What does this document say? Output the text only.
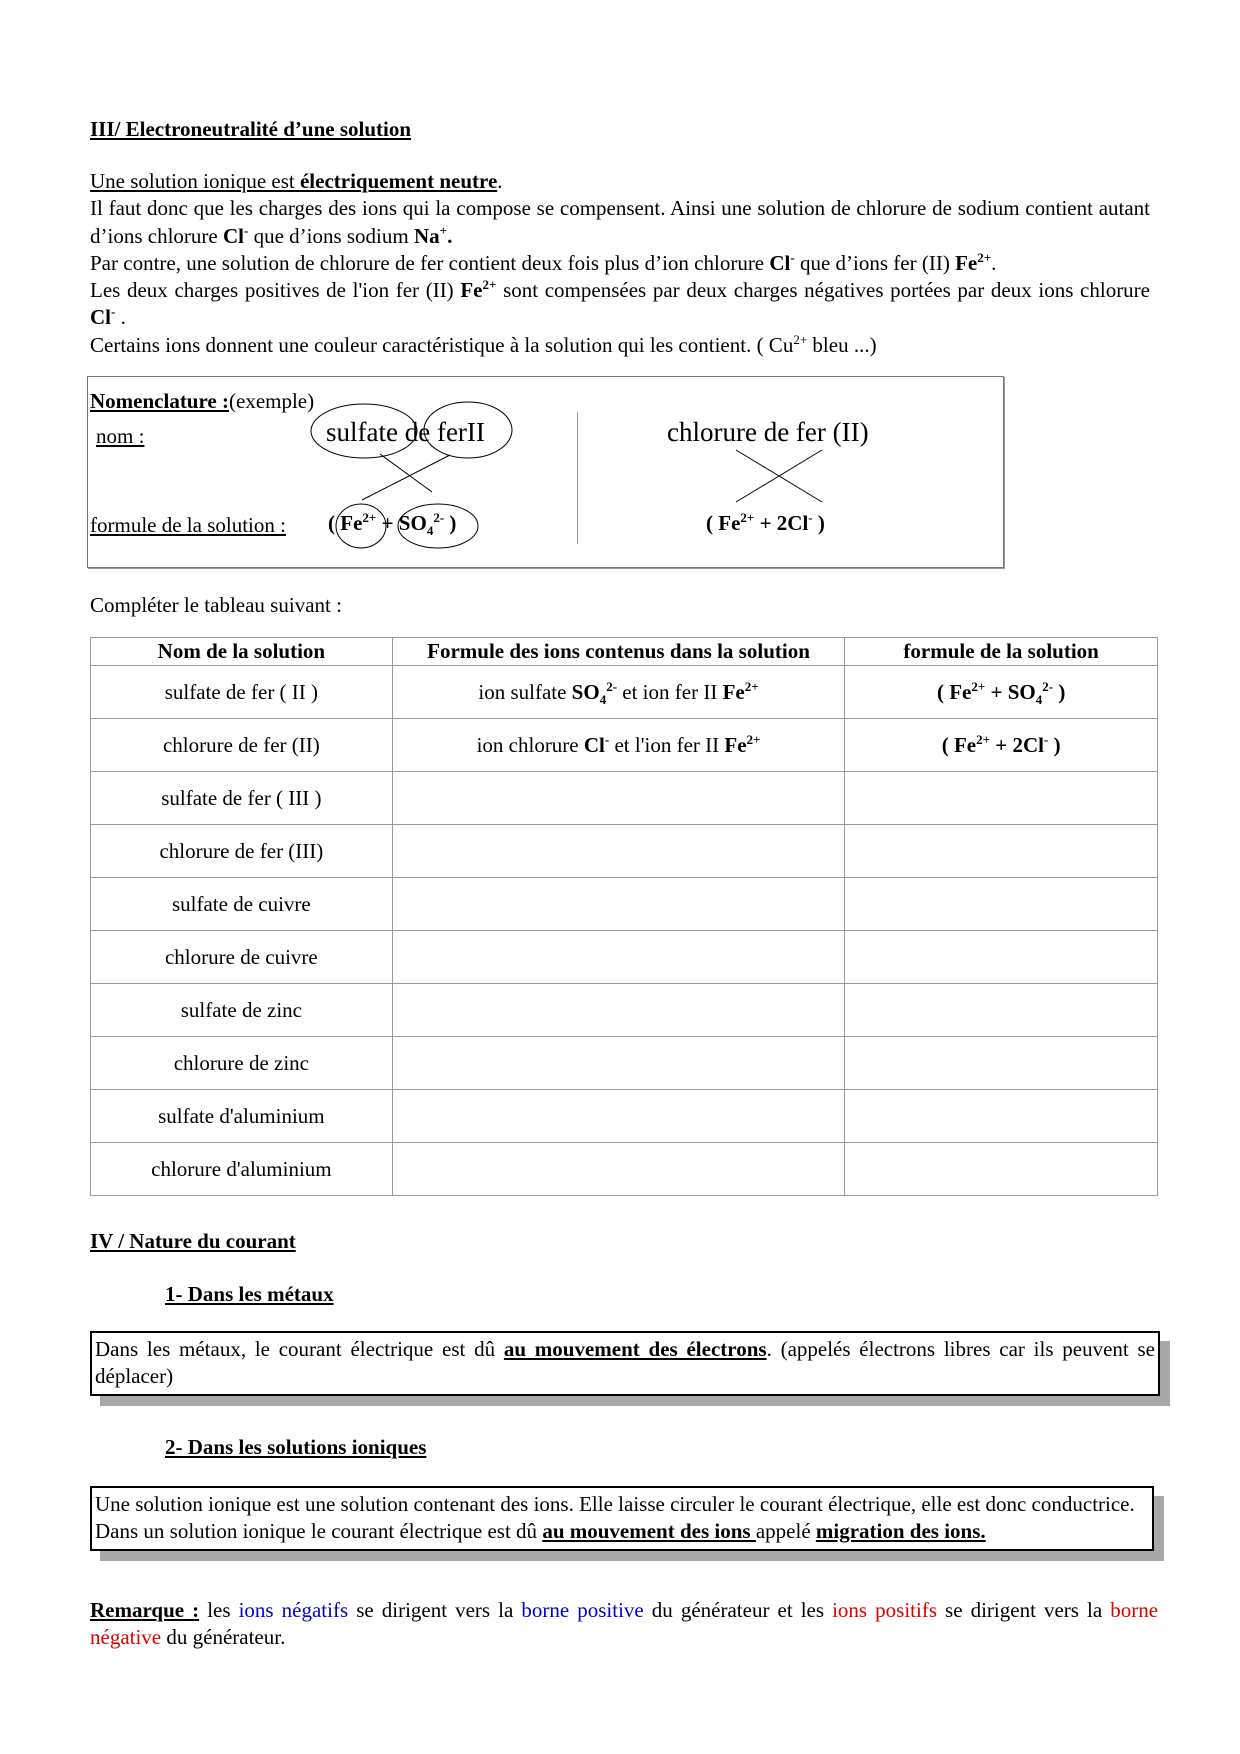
III/ Electroneutralité d’une solution

Une solution ionique est électriquement neutre.

Il faut donc que les charges des ions qui la compose se compensent. Ainsi une solution de chlorure de sodium contient autant d’ions chlorure Cl- que d’ions sodium Na+.

Par contre, une solution de chlorure de fer contient deux fois plus d’ion chlorure Cl- que d’ions fer (II) $Fe^{2+}$.

Les deux charges positives de l'ion fer (II) $Fe^{2+}$ sont compensées par deux charges négatives portées par deux ions chlorure Cl- .

Certains ions donnent une couleur caractéristique à la solution qui les contient. ( $Cu^{2+}$ bleu ...)

Nomenclature :(exemple)
nom :
formule de la solution :
sulfate de ferII	chlorure de fer (II)
( $Fe^{2+} + SO_4^{2-}$ )	( $Fe^{2+} + 2Cl^-$ )
Compléter le tableau suivant :
Nom de la solution	Formule des ions contenus dans la solution	formule de la solution
sulfate de fer ( II )	ion sulfate $SO_4^{2-}$ et ion fer II $Fe^{2+}$	( $Fe^{2+} + SO_4^{2-}$ )
chlorure de fer (II)	ion chlorure Cl- et l'ion fer II $Fe^{2+}$	( $Fe^{2+} + 2Cl^-$ )
sulfate de fer ( III )		
chlorure de fer (III)		
sulfate de cuivre		
chlorure de cuivre		
sulfate de zinc		
chlorure de zinc		
sulfate d'aluminium		
chlorure d'aluminium		
IV / Nature du courant
1- Dans les métaux
Dans les métaux, le courant électrique est dû au mouvement des électrons. (appelés électrons libres car ils peuvent se déplacer)
2- Dans les solutions ioniques

Une solution ionique est une solution contenant des ions. Elle laisse circuler le courant électrique, elle est donc conductrice.

Dans un solution ionique le courant électrique est dû au mouvement des ions appelé migration des ions.

Remarque : les ions négatifs se dirigent vers la borne positive du générateur et les ions positifs se dirigent vers la borne négative du générateur.
